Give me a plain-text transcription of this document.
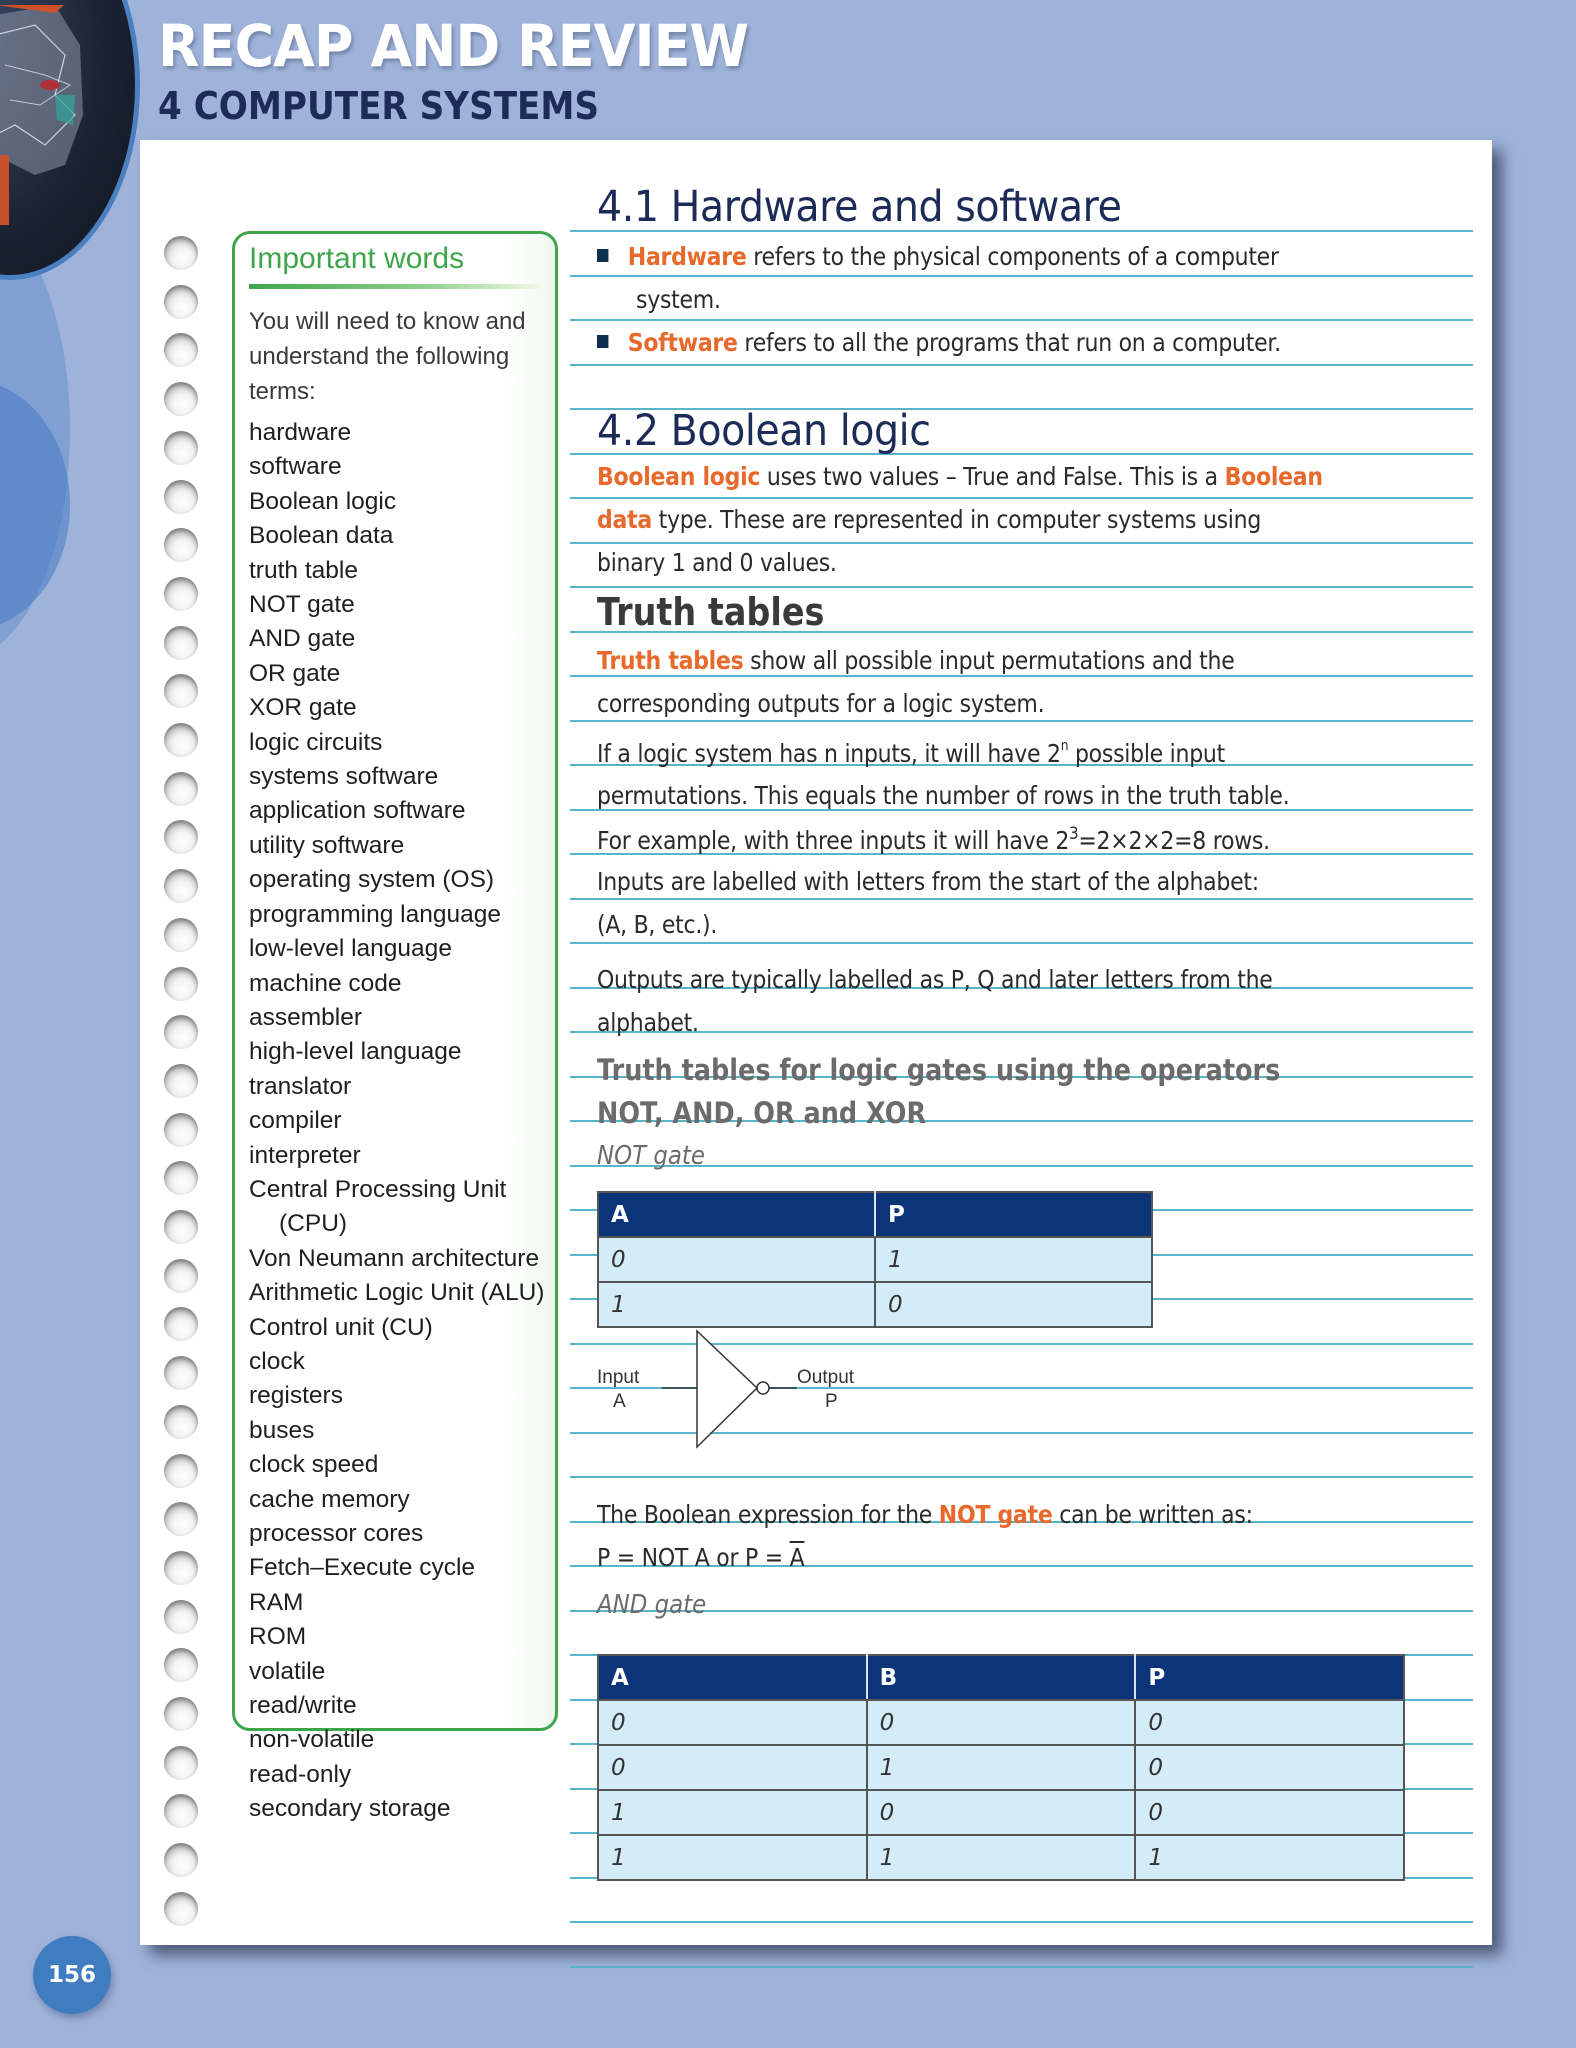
RECAP AND REVIEW
4 COMPUTER SYSTEMS
Important words
You will need to know and understand the following terms:
hardware
software
Boolean logic
Boolean data
truth table
NOT gate
AND gate
OR gate
XOR gate
logic circuits
systems software
application software
utility software
operating system (OS)
programming language
low-level language
machine code
assembler
high-level language
translator
compiler
interpreter
Central Processing Unit (CPU)
Von Neumann architecture
Arithmetic Logic Unit (ALU)
Control unit (CU)
clock
registers
buses
clock speed
cache memory
processor cores
Fetch–Execute cycle
RAM
ROM
volatile
read/write
non-volatile
read-only
secondary storage
4.1 Hardware and software
Hardware refers to the physical components of a computer
system.
Software refers to all the programs that run on a computer.
4.2 Boolean logic
Boolean logic uses two values – True and False. This is a Boolean
data type. These are represented in computer systems using
binary 1 and 0 values.
Truth tables
Truth tables show all possible input permutations and the
corresponding outputs for a logic system.
If a logic system has n inputs, it will have 2$^n$ possible input
permutations. This equals the number of rows in the truth table.
For example, with three inputs it will have $2^3=2\times 2\times 2=8$ rows.
Inputs are labelled with letters from the start of the alphabet:
(A, B, etc.).
Outputs are typically labelled as P, Q and later letters from the
alphabet.
Truth tables for logic gates using the operators
NOT, AND, OR and XOR
NOT gate
A	P
0	1
1	0
Input
A
Output
P
The Boolean expression for the NOT gate can be written as:
P = NOT A or $P = \overline{A}$
AND gate
A	B	P
0	0	0
0	1	0
1	0	0
1	1	1
156
